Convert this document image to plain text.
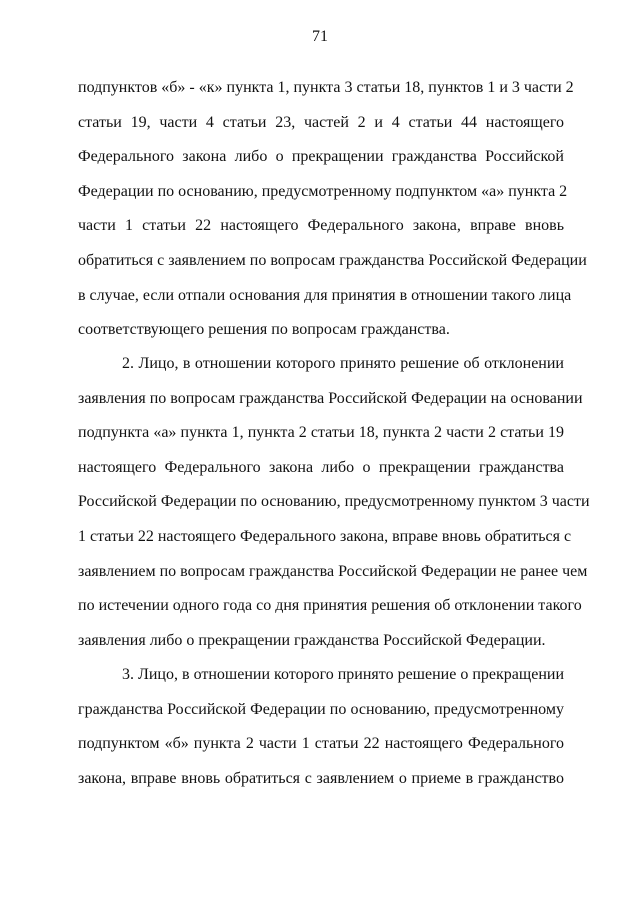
71
подпунктов «б» - «к» пункта 1, пункта 3 статьи 18, пунктов 1 и 3 части 2
статьи 19, части 4 статьи 23, частей 2 и 4 статьи 44 настоящего
Федерального закона либо о прекращении гражданства Российской
Федерации по основанию, предусмотренному подпунктом «а» пункта 2
части 1 статьи 22 настоящего Федерального закона, вправе вновь
обратиться с заявлением по вопросам гражданства Российской Федерации
в случае, если отпали основания для принятия в отношении такого лица
соответствующего решения по вопросам гражданства.
2. Лицо, в отношении которого принято решение об отклонении
заявления по вопросам гражданства Российской Федерации на основании
подпункта «а» пункта 1, пункта 2 статьи 18, пункта 2 части 2 статьи 19
настоящего Федерального закона либо о прекращении гражданства
Российской Федерации по основанию, предусмотренному пунктом 3 части
1 статьи 22 настоящего Федерального закона, вправе вновь обратиться с
заявлением по вопросам гражданства Российской Федерации не ранее чем
по истечении одного года со дня принятия решения об отклонении такого
заявления либо о прекращении гражданства Российской Федерации.
3. Лицо, в отношении которого принято решение о прекращении
гражданства Российской Федерации по основанию, предусмотренному
подпунктом «б» пункта 2 части 1 статьи 22 настоящего Федерального
закона, вправе вновь обратиться с заявлением о приеме в гражданство
